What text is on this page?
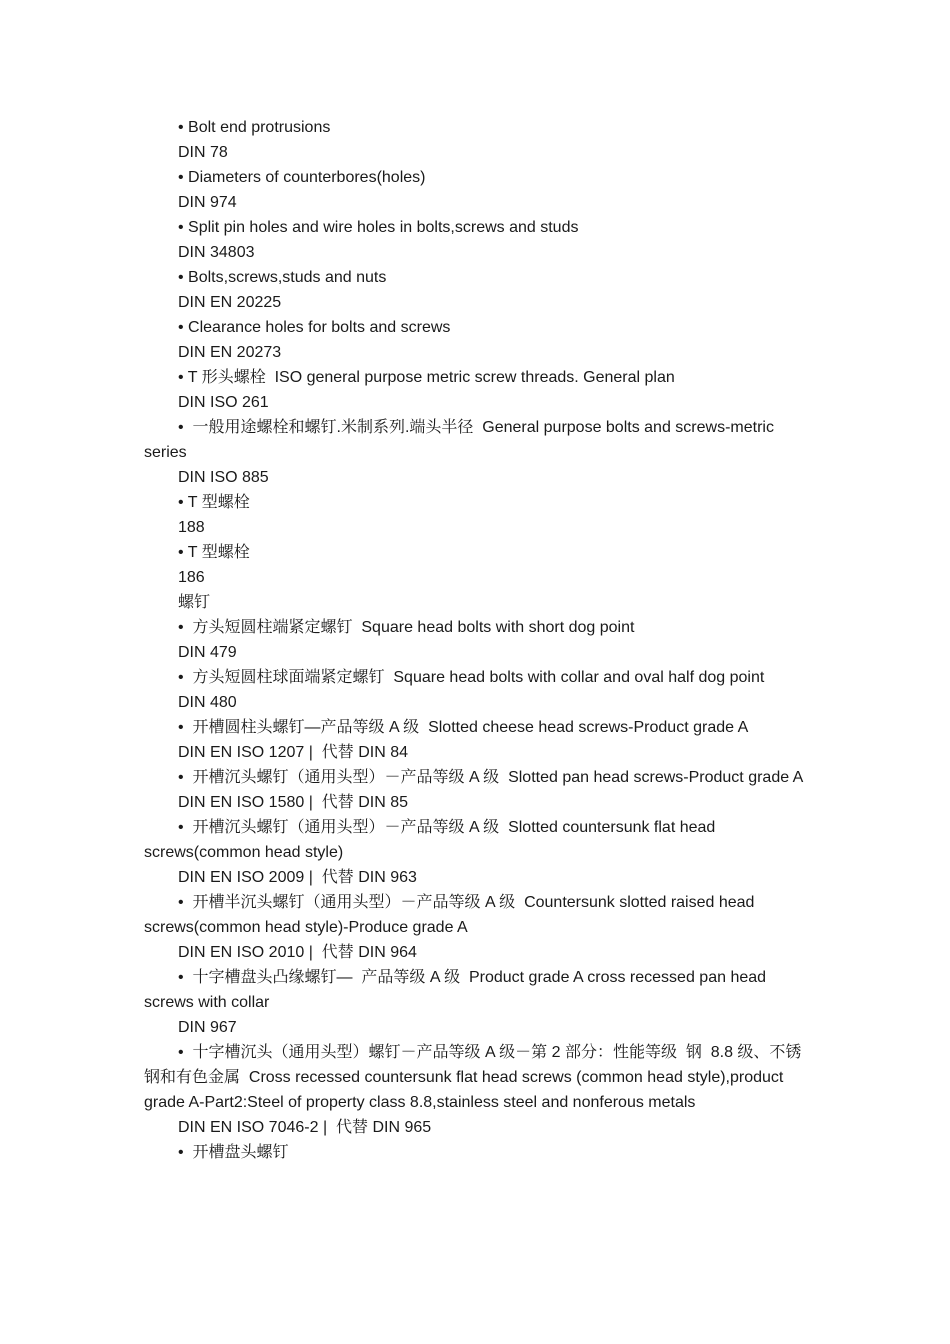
• Bolt end protrusions
DIN 78
• Diameters of counterbores(holes)
DIN 974
• Split pin holes and wire holes in bolts,screws and studs
DIN 34803
• Bolts,screws,studs and nuts
DIN EN 20225
• Clearance holes for bolts and screws
DIN EN 20273
• T 形头螺栓  ISO general purpose metric screw threads. General plan
DIN ISO 261
•  一般用途螺栓和螺钉.米制系列.端头半径  General purpose bolts and screws-metric series
DIN ISO 885
• T 型螺栓
188
• T 型螺栓
186
螺钉
•  方头短圆柱端紧定螺钉  Square head bolts with short dog point
DIN 479
•  方头短圆柱球面端紧定螺钉  Square head bolts with collar and oval half dog point
DIN 480
•  开槽圆柱头螺钉—产品等级 A 级  Slotted cheese head screws-Product grade A
DIN EN ISO 1207 |  代替 DIN 84
•  开槽沉头螺钉（通用头型）－产品等级 A 级  Slotted pan head screws-Product grade A
DIN EN ISO 1580 |  代替 DIN 85
•  开槽沉头螺钉（通用头型）－产品等级 A 级  Slotted countersunk flat head screws(common head style)
DIN EN ISO 2009 |  代替 DIN 963
•  开槽半沉头螺钉（通用头型）－产品等级 A 级  Countersunk slotted raised head screws(common head style)-Produce grade A
DIN EN ISO 2010 |  代替 DIN 964
•  十字槽盘头凸缘螺钉—  产品等级 A 级  Product grade A cross recessed pan head screws with collar
DIN 967
•  十字槽沉头（通用头型）螺钉－产品等级 A 级－第 2 部分：性能等级  钢  8.8 级、不锈钢和有色金属  Cross recessed countersunk flat head screws (common head style),product grade A-Part2:Steel of property class 8.8,stainless steel and nonferous metals
DIN EN ISO 7046-2 |  代替 DIN 965
•  开槽盘头螺钉
